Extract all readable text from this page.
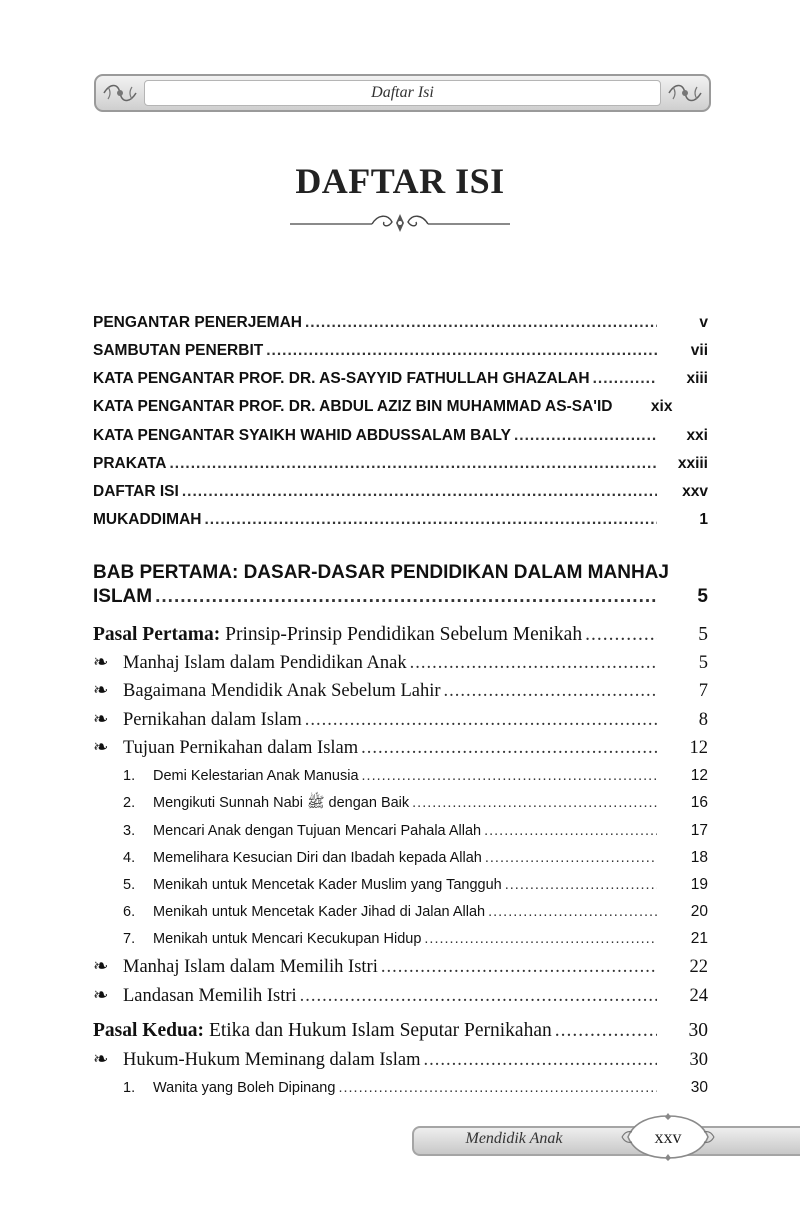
Daftar Isi
DAFTAR ISI
PENGANTAR PENERJEMAH .....	v
SAMBUTAN PENERBIT .....	vii
KATA PENGANTAR PROF. DR. AS-SAYYID FATHULLAH GHAZALAH .....	xiii
KATA PENGANTAR PROF. DR. ABDUL AZIZ BIN MUHAMMAD AS-SA'ID	xix
KATA PENGANTAR SYAIKH WAHID ABDUSSALAM BALY .....	xxi
PRAKATA .....	xxiii
DAFTAR ISI .....	xxv
MUKADDIMAH .....	1
BAB PERTAMA: DASAR-DASAR PENDIDIKAN DALAM MANHAJ
ISLAM .....	5
Pasal Pertama: Prinsip-Prinsip Pendidikan Sebelum Menikah .....	5
❧ Manhaj Islam dalam Pendidikan Anak .....	5
❧ Bagaimana Mendidik Anak Sebelum Lahir .....	7
❧ Pernikahan dalam Islam .....	8
❧ Tujuan Pernikahan dalam Islam .....	12
1. Demi Kelestarian Anak Manusia .....	12
2. Mengikuti Sunnah Nabi ﷺ dengan Baik .....	16
3. Mencari Anak dengan Tujuan Mencari Pahala Allah .....	17
4. Memelihara Kesucian Diri dan Ibadah kepada Allah .....	18
5. Menikah untuk Mencetak Kader Muslim yang Tangguh .....	19
6. Menikah untuk Mencetak Kader Jihad di Jalan Allah .....	20
7. Menikah untuk Mencari Kecukupan Hidup .....	21
❧ Manhaj Islam dalam Memilih Istri .....	22
❧ Landasan Memilih Istri .....	24
Pasal Kedua: Etika dan Hukum Islam Seputar Pernikahan .....	30
❧ Hukum-Hukum Meminang dalam Islam .....	30
1. Wanita yang Boleh Dipinang .....	30
Mendidik Anak	xxv
